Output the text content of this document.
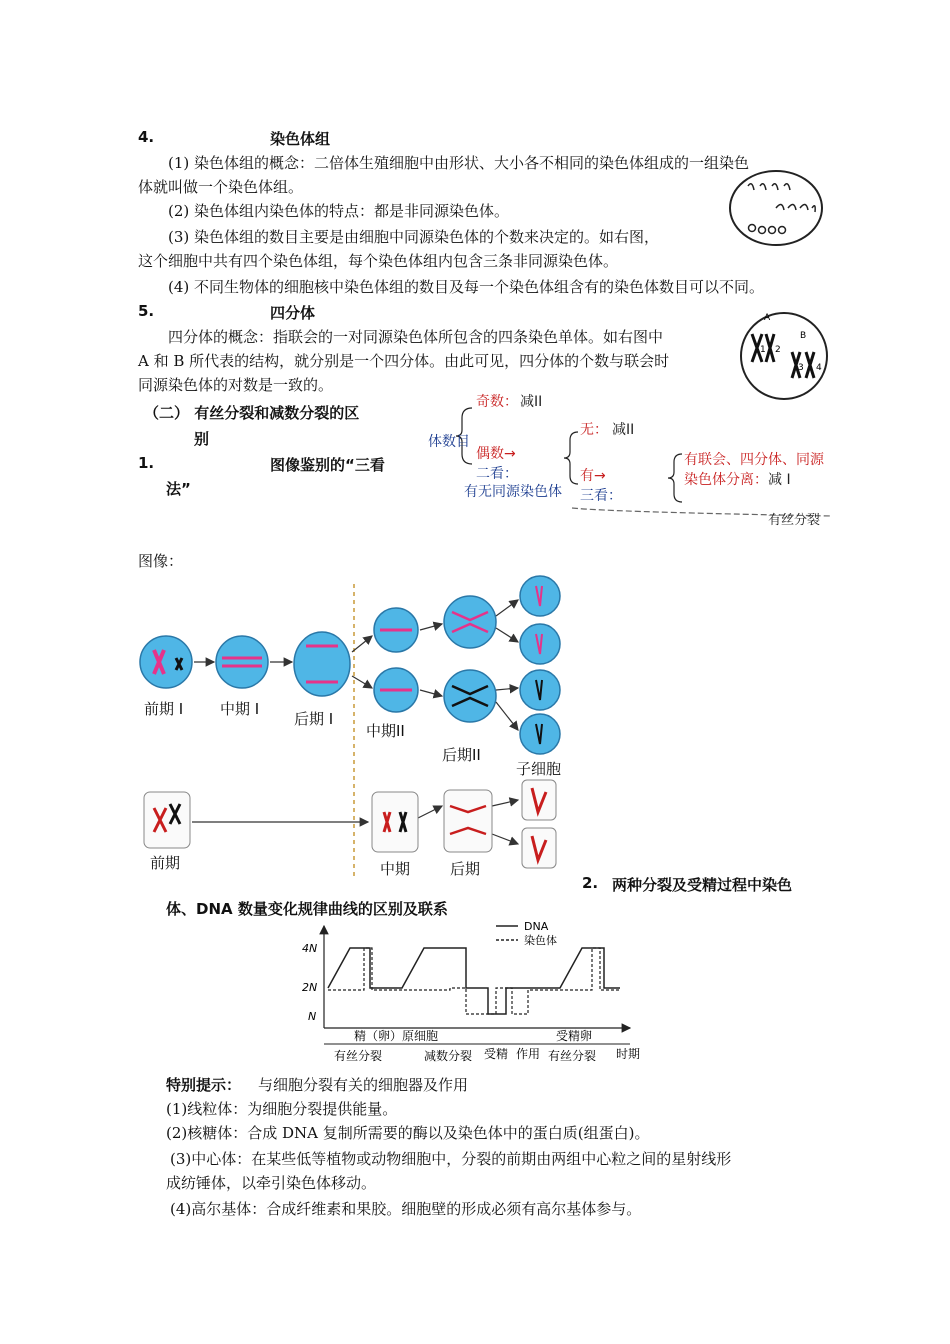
4.	染色体组
(1) 染色体组的概念：二倍体生殖细胞中由形状、大小各不相同的染色体组成的一组染色
体就叫做一个染色体组。
(2) 染色体组内染色体的特点：都是非同源染色体。
(3) 染色体组的数目主要是由细胞中同源染色体的个数来决定的。如右图，
这个细胞中共有四个染色体组，每个染色体组内包含三条非同源染色体。
(4) 不同生物体的细胞核中染色体组的数目及每一个染色体组含有的染色体数目可以不同。
5.	四分体
四分体的概念：指联会的一对同源染色体所包含的四条染色单体。如右图中
A 和 B 所代表的结构，就分别是一个四分体。由此可见，四分体的个数与联会时
同源染色体的对数是一致的。
A
B
1 2
3 4
（二） 有丝分裂和减数分裂的区
别
1.	图像鉴别的“三看
法”
奇数： 减II
体数目
偶数→
无： 减II
二看：
有无同源染色体
有→
三看：
有联会、四分体、同源
染色体分离： 减 I
有丝分裂
图像：
前期 I 中期 I
后期 I
中期II
后期II
子细胞
前期	中期	后期
2. 两种分裂及受精过程中染色
体、DNA 数量变化规律曲线的区别及联系
DNA
染色体
4N
2N
N
精（卵）原细胞	受精卵
有丝分裂	减数分裂 受精 作用 有丝分裂 时期
特别提示： 与细胞分裂有关的细胞器及作用
(1)线粒体：为细胞分裂提供能量。
(2)核糖体：合成 DNA 复制所需要的酶以及染色体中的蛋白质(组蛋白)。
(3)中心体：在某些低等植物或动物细胞中，分裂的前期由两组中心粒之间的星射线形
成纺锤体，以牵引染色体移动。
(4)高尔基体：合成纤维素和果胶。细胞壁的形成必须有高尔基体参与。
